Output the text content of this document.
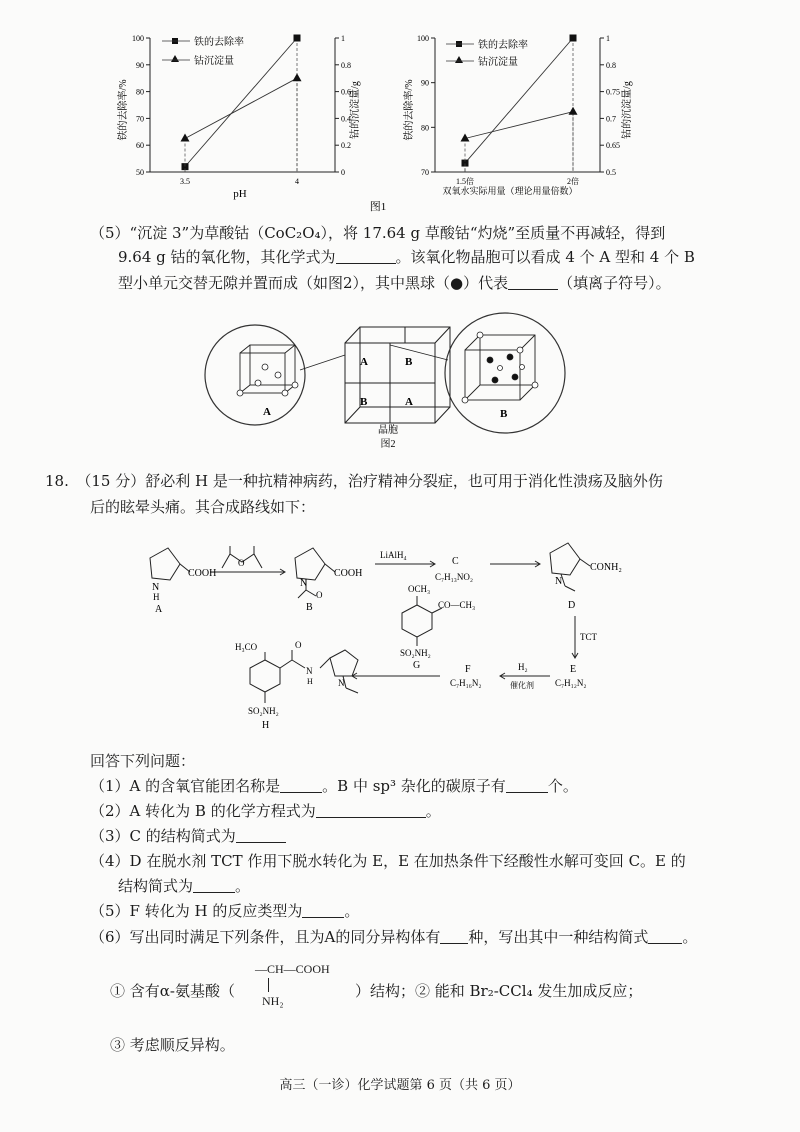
50
60
70
80
90
100
0
0.2
0.4
0.6
0.8
1
3.5	4
pH
铁的去除率/%	钴的沉淀量/g
铁的去除率
钴沉淀量
70
80
90
100
0.5
0.65
0.7
0.75
0.8
1
1.5倍	2倍
双氧水实际用量（理论用量倍数）
铁的去除率/%	钴的沉淀量/g
铁的去除率
钴沉淀量
图1
（5）“沉淀 3”为草酸钴（CoC₂O₄），将 17.64 g 草酸钴“灼烧”至质量不再减轻，得到
9.64 g 钴的氧化物，其化学式为	。该氧化物晶胞可以看成 4 个 A 型和 4 个 B
型小单元交替无隙并置而成（如图2），其中黑球（●）代表	（填离子符号）。
A	B
A	B
B	A
晶胞
图2
18.　（15 分）舒必利 H 是一种抗精神病药，治疗精神分裂症，也可用于消化性溃疡及脑外伤
后的眩晕头痛。其合成路线如下：
N
H
COOH
A
O
N
COOH
O
B
LiAlH₄
C
C₇H₁₃NO₂	N
CONH₂
D
TCT
E
C₇H₁₂N₂
H₂
催化剂
F
C₇H₁₆N₂
OCH₃
CO—CH₃
SO₂NH₂
G
H₃CO	O
N
H	N
SO₂NH₂
H
回答下列问题：
（1）A 的含氧官能团名称是	。B 中 sp³ 杂化的碳原子有	个。
（2）A 转化为 B 的化学方程式为	。
（3）C 的结构简式为
（4）D 在脱水剂 TCT 作用下脱水转化为 E，E 在加热条件下经酸性水解可变回 C。E 的
结构简式为	。
（5）F 转化为 H 的反应类型为	。
（6）写出同时满足下列条件，且为A的同分异构体有 种，写出其中一种结构简式 。
① 含有α-氨基酸（
—CH—COOH
NH₂
）结构；② 能和 Br₂-CCl₄ 发生加成反应；
③ 考虑顺反异构。
高三（一诊）化学试题第 6 页（共 6 页）
